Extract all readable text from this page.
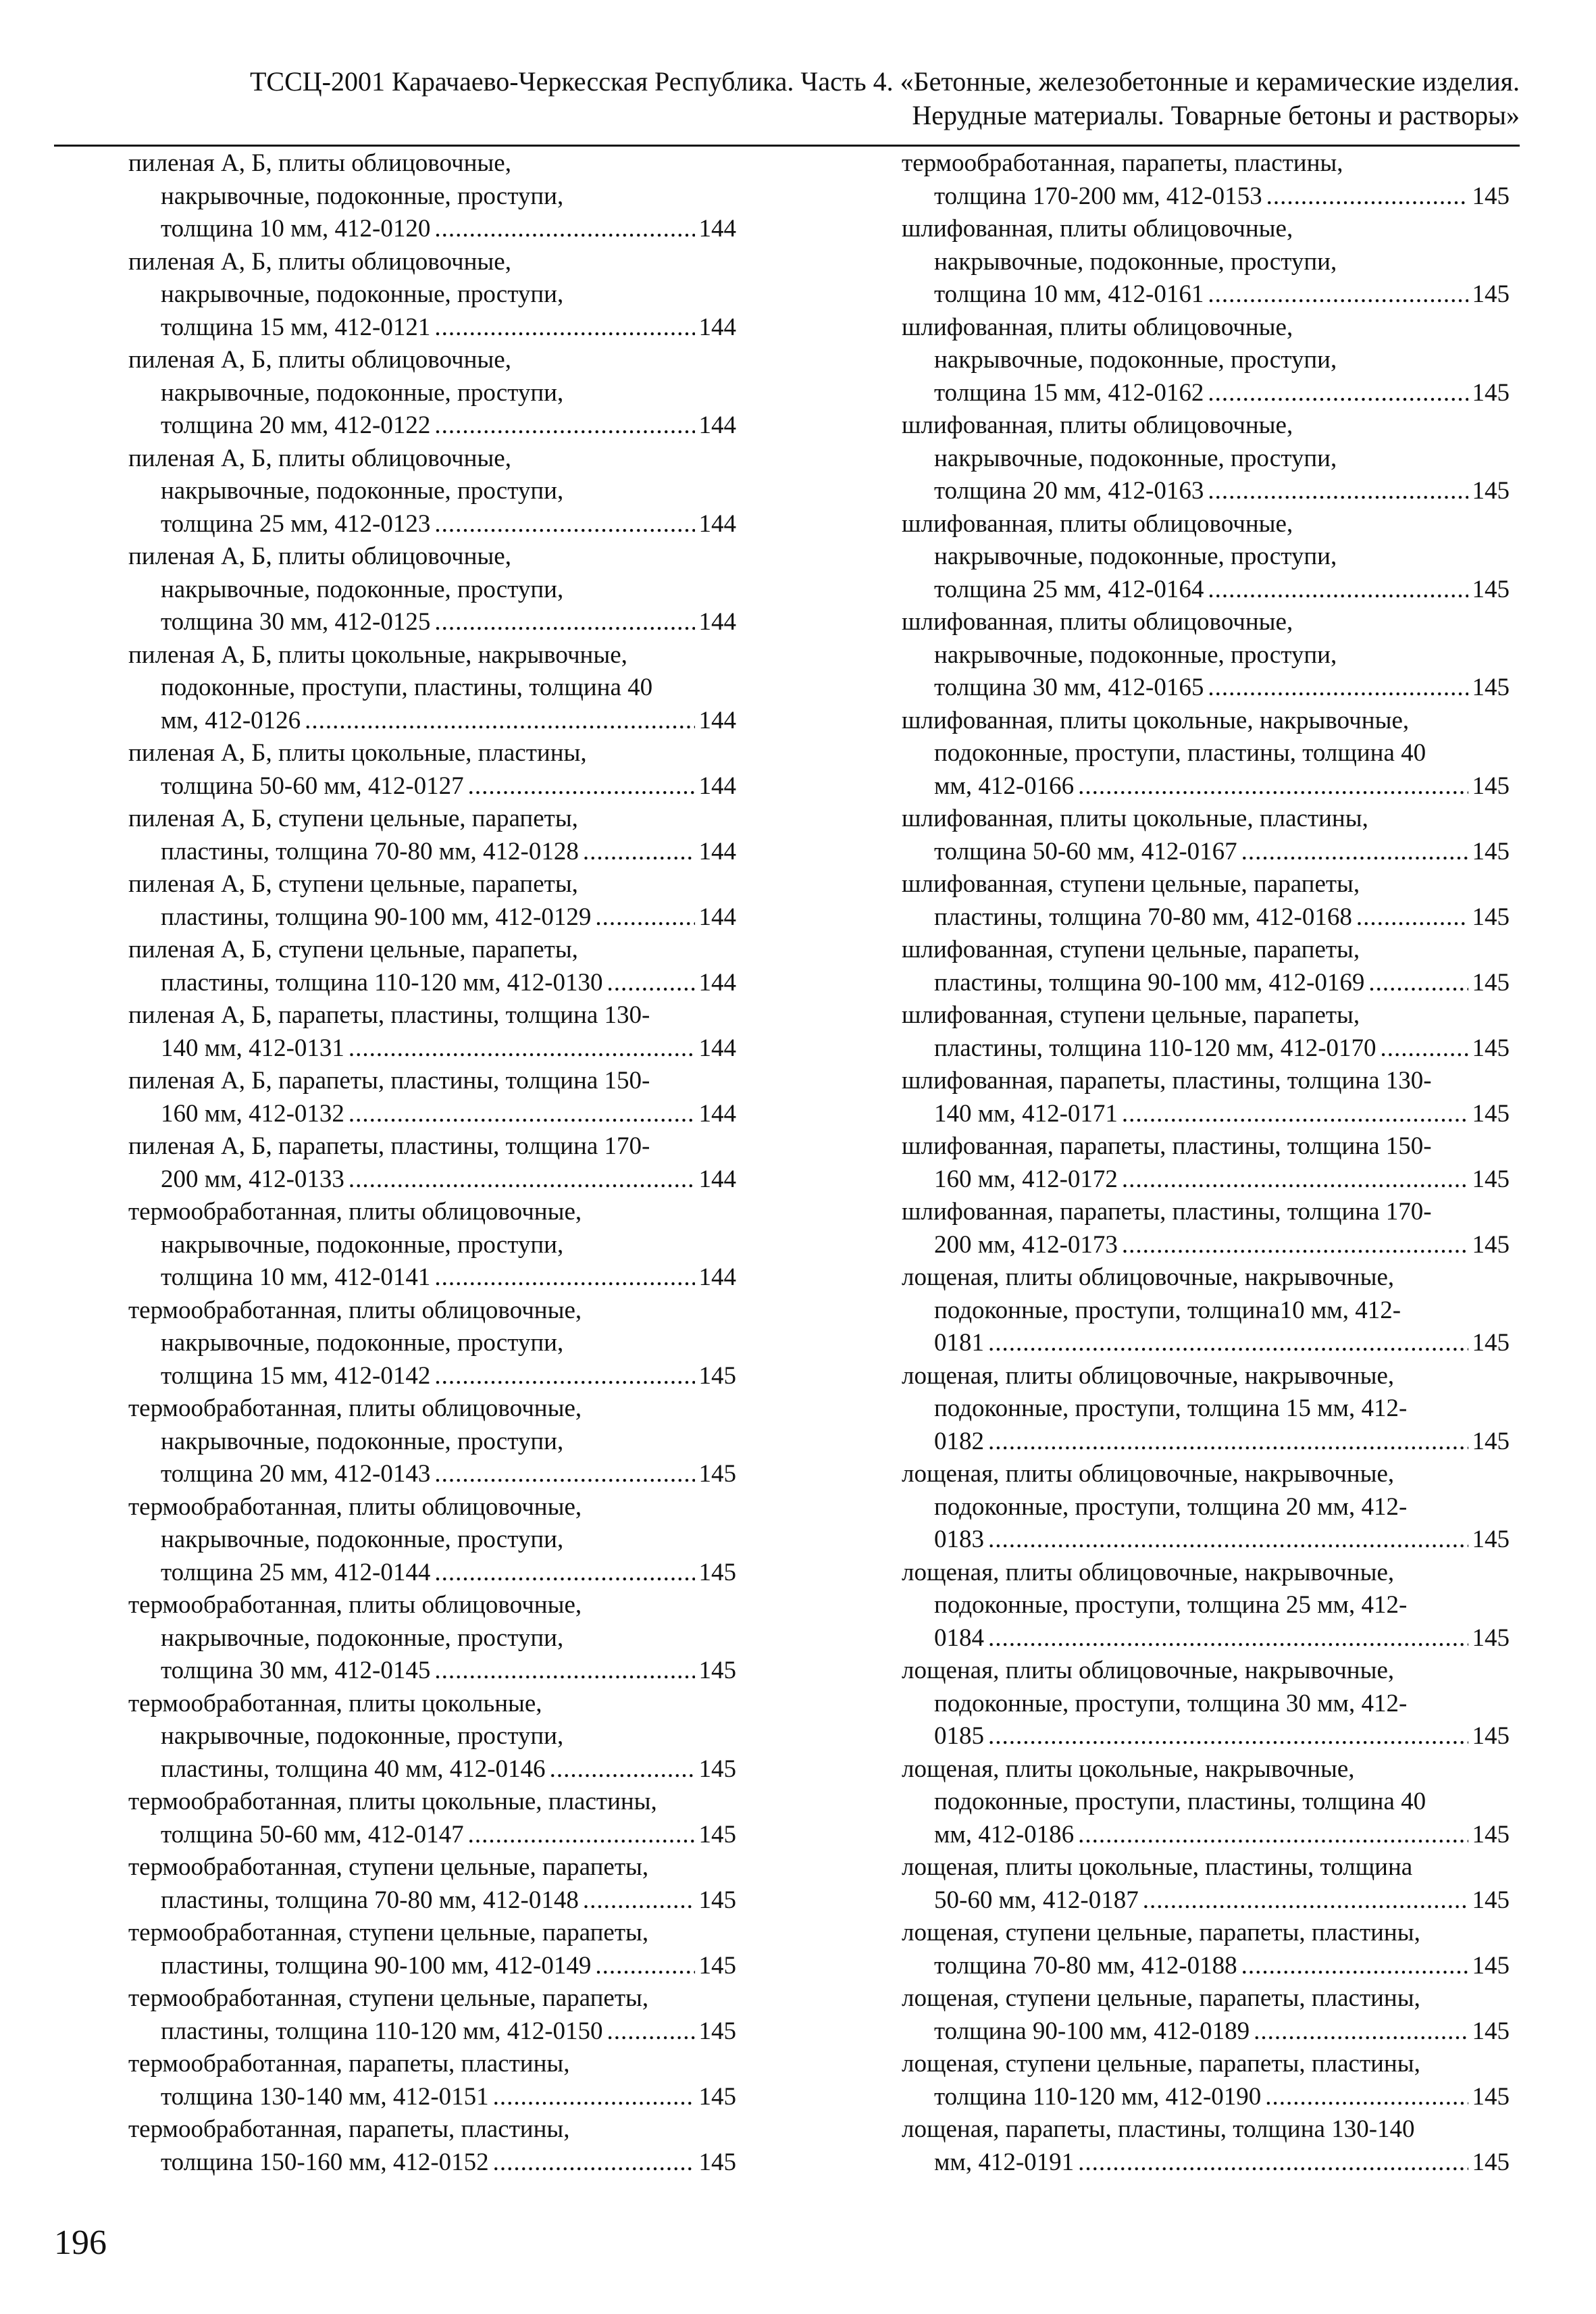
ТССЦ-2001 Карачаево-Черкесская Республика. Часть 4. «Бетонные, железобетонные и керамические изделия.
Нерудные материалы. Товарные бетоны и растворы»
пиленая А, Б, плиты облицовочные,
накрывочные, подоконные, проступи,
толщина 10 мм, 412-0120 .....	144
пиленая А, Б, плиты облицовочные,
накрывочные, подоконные, проступи,
толщина 15 мм, 412-0121 .....	144
пиленая А, Б, плиты облицовочные,
накрывочные, подоконные, проступи,
толщина 20 мм, 412-0122 .....	144
пиленая А, Б, плиты облицовочные,
накрывочные, подоконные, проступи,
толщина 25 мм, 412-0123 .....	144
пиленая А, Б, плиты облицовочные,
накрывочные, подоконные, проступи,
толщина 30 мм, 412-0125 .....	144
пиленая А, Б, плиты цокольные, накрывочные,
подоконные, проступи, пластины, толщина 40
мм, 412-0126 .....	144
пиленая А, Б, плиты цокольные, пластины,
толщина 50-60 мм, 412-0127 .....	144
пиленая А, Б, ступени цельные, парапеты,
пластины, толщина 70-80 мм, 412-0128 .....	144
пиленая А, Б, ступени цельные, парапеты,
пластины, толщина 90-100 мм, 412-0129 .....	144
пиленая А, Б, ступени цельные, парапеты,
пластины, толщина 110-120 мм, 412-0130 .....	144
пиленая А, Б, парапеты, пластины, толщина 130-
140 мм, 412-0131 .....	144
пиленая А, Б, парапеты, пластины, толщина 150-
160 мм, 412-0132 .....	144
пиленая А, Б, парапеты, пластины, толщина 170-
200 мм, 412-0133 .....	144
термообработанная, плиты облицовочные,
накрывочные, подоконные, проступи,
толщина 10 мм, 412-0141 .....	144
термообработанная, плиты облицовочные,
накрывочные, подоконные, проступи,
толщина 15 мм, 412-0142 .....	145
термообработанная, плиты облицовочные,
накрывочные, подоконные, проступи,
толщина 20 мм, 412-0143 .....	145
термообработанная, плиты облицовочные,
накрывочные, подоконные, проступи,
толщина 25 мм, 412-0144 .....	145
термообработанная, плиты облицовочные,
накрывочные, подоконные, проступи,
толщина 30 мм, 412-0145 .....	145
термообработанная, плиты цокольные,
накрывочные, подоконные, проступи,
пластины, толщина 40 мм, 412-0146 .....	145
термообработанная, плиты цокольные, пластины,
толщина 50-60 мм, 412-0147 .....	145
термообработанная, ступени цельные, парапеты,
пластины, толщина 70-80 мм, 412-0148 .....	145
термообработанная, ступени цельные, парапеты,
пластины, толщина 90-100 мм, 412-0149 .....	145
термообработанная, ступени цельные, парапеты,
пластины, толщина 110-120 мм, 412-0150 .....	145
термообработанная, парапеты, пластины,
толщина 130-140 мм, 412-0151 .....	145
термообработанная, парапеты, пластины,
толщина 150-160 мм, 412-0152 .....	145
термообработанная, парапеты, пластины,
толщина 170-200 мм, 412-0153 .....	145
шлифованная, плиты облицовочные,
накрывочные, подоконные, проступи,
толщина 10 мм, 412-0161 .....	145
шлифованная, плиты облицовочные,
накрывочные, подоконные, проступи,
толщина 15 мм, 412-0162 .....	145
шлифованная, плиты облицовочные,
накрывочные, подоконные, проступи,
толщина 20 мм, 412-0163 .....	145
шлифованная, плиты облицовочные,
накрывочные, подоконные, проступи,
толщина 25 мм, 412-0164 .....	145
шлифованная, плиты облицовочные,
накрывочные, подоконные, проступи,
толщина 30 мм, 412-0165 .....	145
шлифованная, плиты цокольные, накрывочные,
подоконные, проступи, пластины, толщина 40
мм, 412-0166 .....	145
шлифованная, плиты цокольные, пластины,
толщина 50-60 мм, 412-0167 .....	145
шлифованная, ступени цельные, парапеты,
пластины, толщина 70-80 мм, 412-0168 .....	145
шлифованная, ступени цельные, парапеты,
пластины, толщина 90-100 мм, 412-0169 .....	145
шлифованная, ступени цельные, парапеты,
пластины, толщина 110-120 мм, 412-0170 .....	145
шлифованная, парапеты, пластины, толщина 130-
140 мм, 412-0171 .....	145
шлифованная, парапеты, пластины, толщина 150-
160 мм, 412-0172 .....	145
шлифованная, парапеты, пластины, толщина 170-
200 мм, 412-0173 .....	145
лощеная, плиты облицовочные, накрывочные,
подоконные, проступи, толщина10 мм, 412-
0181 .....	145
лощеная, плиты облицовочные, накрывочные,
подоконные, проступи, толщина 15 мм, 412-
0182 .....	145
лощеная, плиты облицовочные, накрывочные,
подоконные, проступи, толщина 20 мм, 412-
0183 .....	145
лощеная, плиты облицовочные, накрывочные,
подоконные, проступи, толщина 25 мм, 412-
0184 .....	145
лощеная, плиты облицовочные, накрывочные,
подоконные, проступи, толщина 30 мм, 412-
0185 .....	145
лощеная, плиты цокольные, накрывочные,
подоконные, проступи, пластины, толщина 40
мм, 412-0186 .....	145
лощеная, плиты цокольные, пластины, толщина
50-60 мм, 412-0187 .....	145
лощеная, ступени цельные, парапеты, пластины,
толщина 70-80 мм, 412-0188 .....	145
лощеная, ступени цельные, парапеты, пластины,
толщина 90-100 мм, 412-0189 .....	145
лощеная, ступени цельные, парапеты, пластины,
толщина 110-120 мм, 412-0190 .....	145
лощеная, парапеты, пластины, толщина 130-140
мм, 412-0191 .....	145
196
